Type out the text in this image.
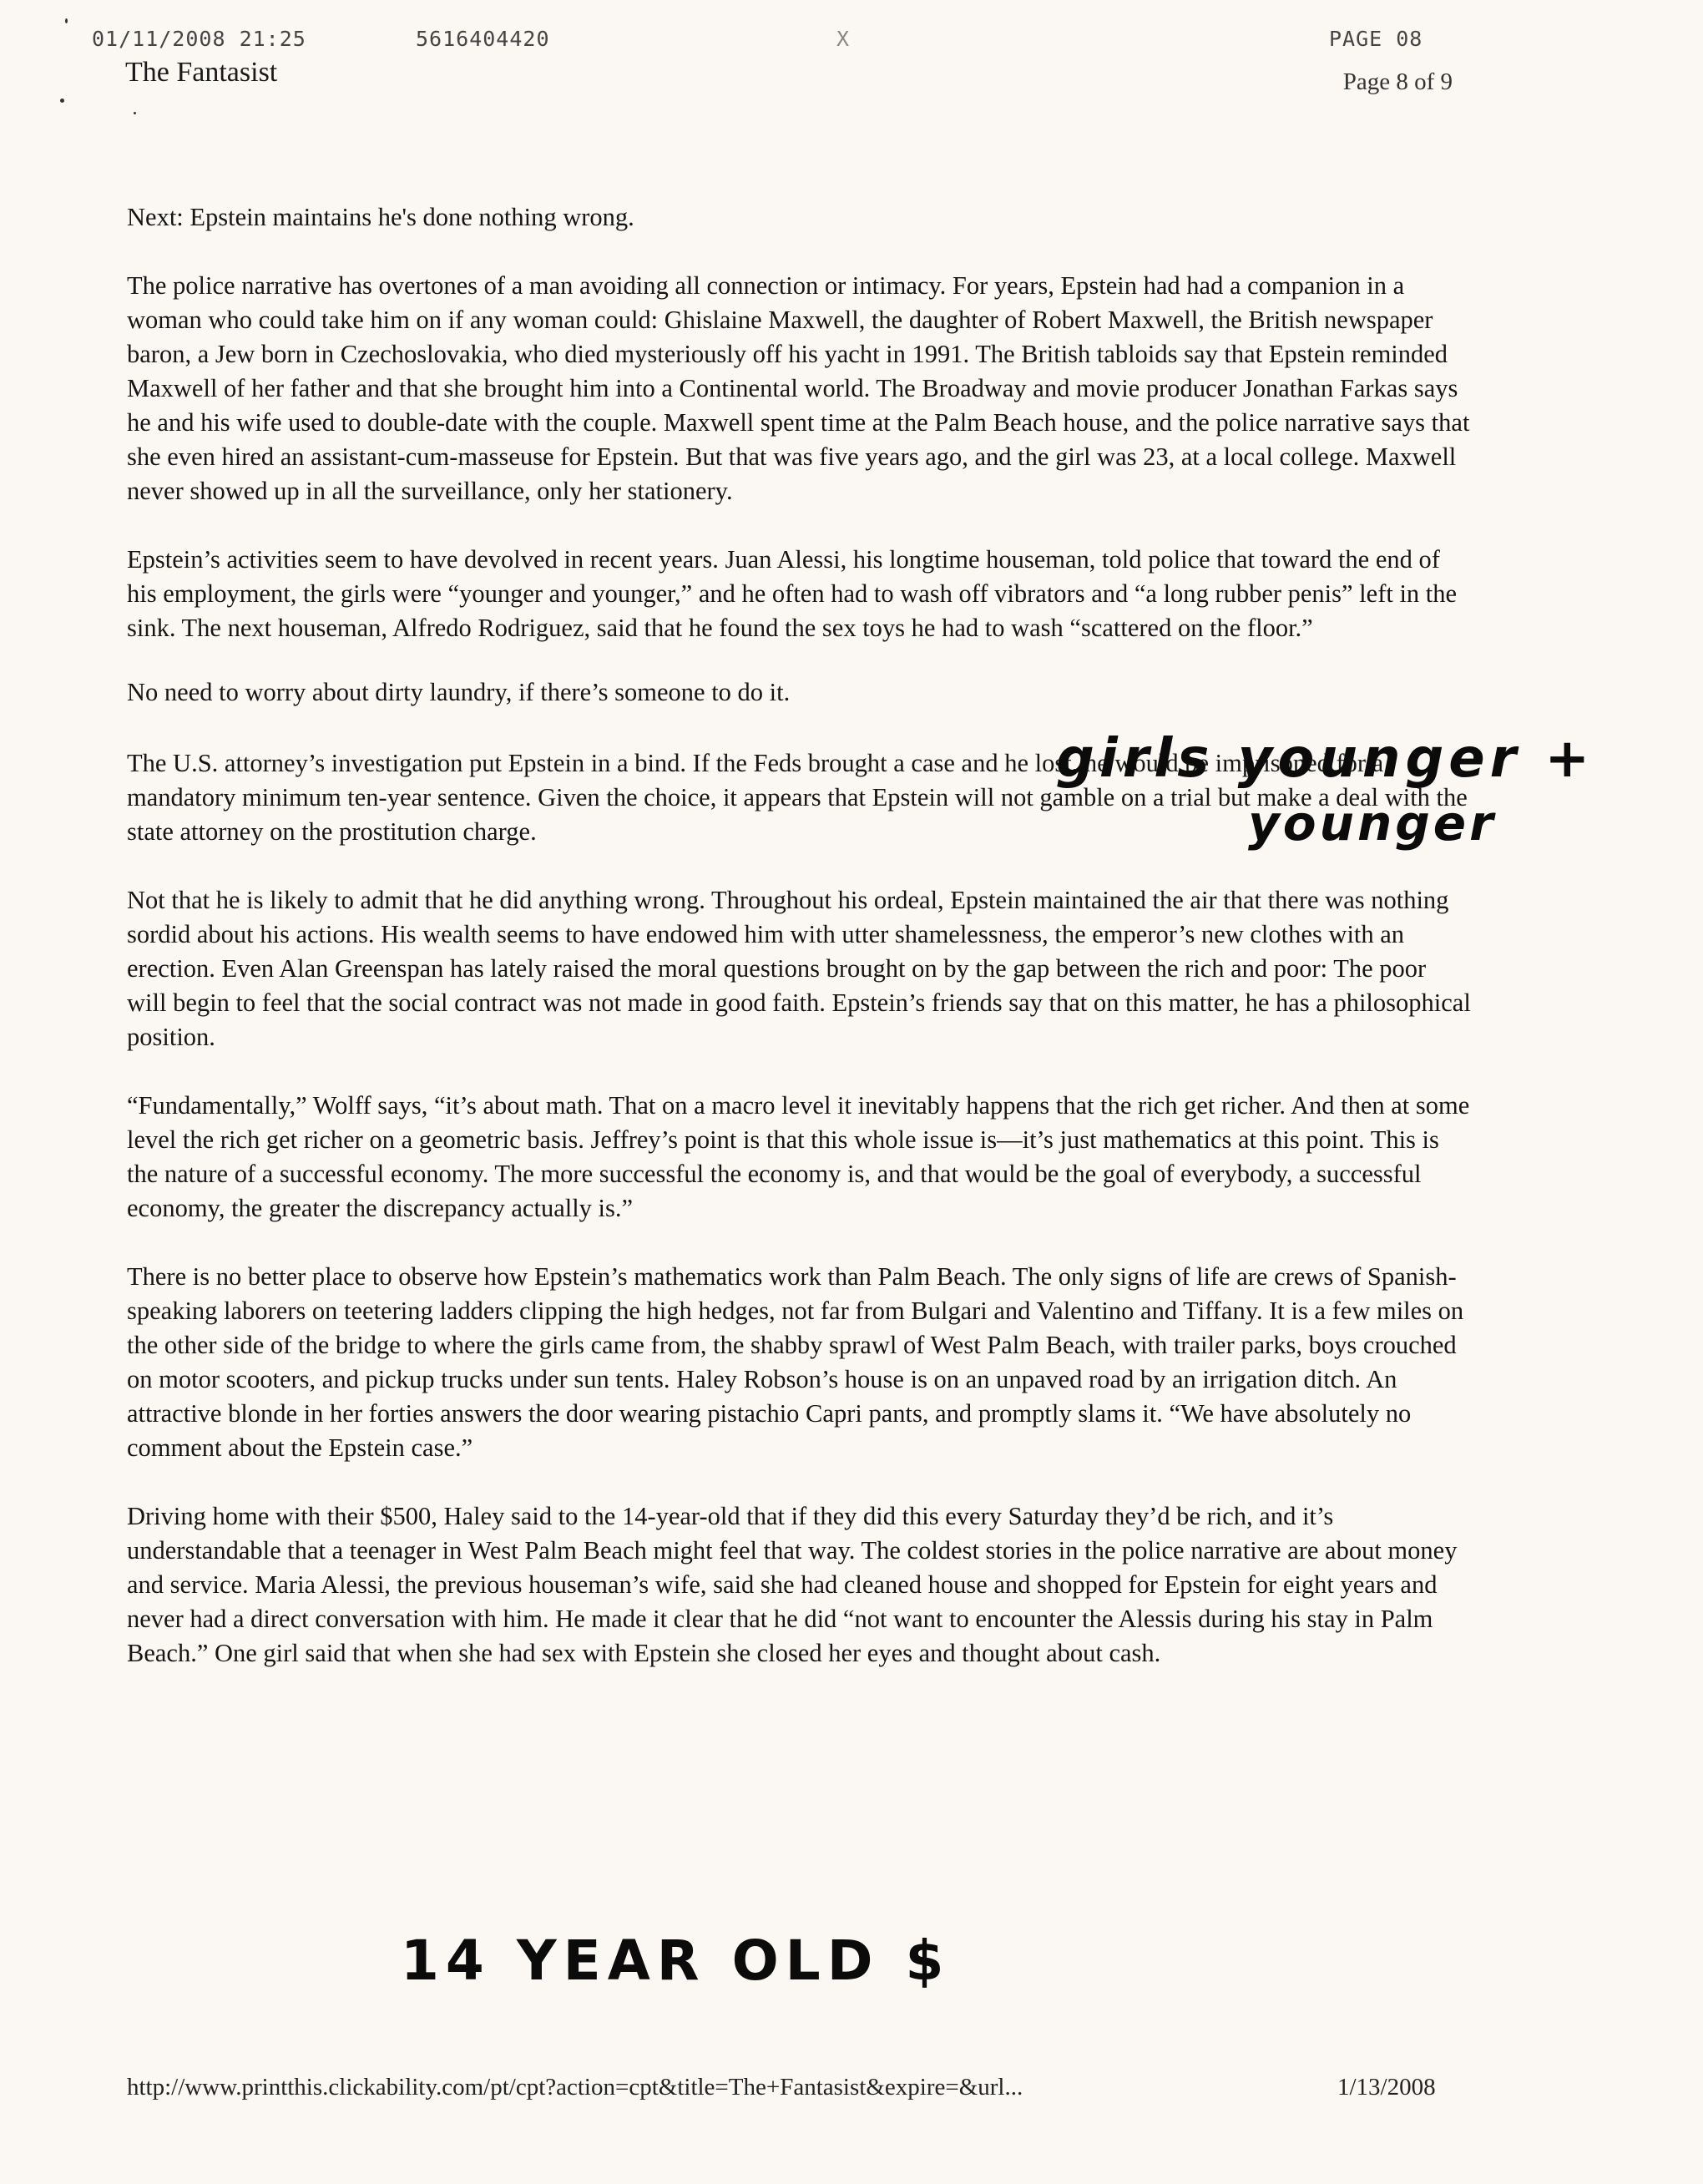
01/11/2008 21:25	5616404420	X	PAGE 08
The Fantasist	Page 8 of 9

Next: Epstein maintains he's done nothing wrong.

The police narrative has overtones of a man avoiding all connection or intimacy. For years, Epstein had had a companion in a woman who could take him on if any woman could: Ghislaine Maxwell, the daughter of Robert Maxwell, the British newspaper baron, a Jew born in Czechoslovakia, who died mysteriously off his yacht in 1991. The British tabloids say that Epstein reminded Maxwell of her father and that she brought him into a Continental world. The Broadway and movie producer Jonathan Farkas says he and his wife used to double-date with the couple. Maxwell spent time at the Palm Beach house, and the police narrative says that she even hired an assistant-cum-masseuse for Epstein. But that was five years ago, and the girl was 23, at a local college. Maxwell never showed up in all the surveillance, only her stationery.

Epstein’s activities seem to have devolved in recent years. Juan Alessi, his longtime houseman, told police that toward the end of his employment, the girls were “younger and younger,” and he often had to wash off vibrators and “a long rubber penis” left in the sink. The next houseman, Alfredo Rodriguez, said that he found the sex toys he had to wash “scattered on the floor.”

No need to worry about dirty laundry, if there’s someone to do it.

The U.S. attorney’s investigation put Epstein in a bind. If the Feds brought a case and he lost, he would be imprisoned for a mandatory minimum ten-year sentence. Given the choice, it appears that Epstein will not gamble on a trial but make a deal with the state attorney on the prostitution charge.

Not that he is likely to admit that he did anything wrong. Throughout his ordeal, Epstein maintained the air that there was nothing sordid about his actions. His wealth seems to have endowed him with utter shamelessness, the emperor’s new clothes with an erection. Even Alan Greenspan has lately raised the moral questions brought on by the gap between the rich and poor: The poor will begin to feel that the social contract was not made in good faith. Epstein’s friends say that on this matter, he has a philosophical position.

“Fundamentally,” Wolff says, “it’s about math. That on a macro level it inevitably happens that the rich get richer. And then at some level the rich get richer on a geometric basis. Jeffrey’s point is that this whole issue is—it’s just mathematics at this point. This is the nature of a successful economy. The more successful the economy is, and that would be the goal of everybody, a successful economy, the greater the discrepancy actually is.”

There is no better place to observe how Epstein’s mathematics work than Palm Beach. The only signs of life are crews of Spanish-speaking laborers on teetering ladders clipping the high hedges, not far from Bulgari and Valentino and Tiffany. It is a few miles on the other side of the bridge to where the girls came from, the shabby sprawl of West Palm Beach, with trailer parks, boys crouched on motor scooters, and pickup trucks under sun tents. Haley Robson’s house is on an unpaved road by an irrigation ditch. An attractive blonde in her forties answers the door wearing pistachio Capri pants, and promptly slams it. “We have absolutely no comment about the Epstein case.”

Driving home with their $500, Haley said to the 14-year-old that if they did this every Saturday they’d be rich, and it’s understandable that a teenager in West Palm Beach might feel that way. The coldest stories in the police narrative are about money and service. Maria Alessi, the previous houseman’s wife, said she had cleaned house and shopped for Epstein for eight years and never had a direct conversation with him. He made it clear that he did “not want to encounter the Alessis during his stay in Palm Beach.” One girl said that when she had sex with Epstein she closed her eyes and thought about cash.

girls younger +
younger
14 YEAR OLD $
http://www.printthis.clickability.com/pt/cpt?action=cpt&title=The+Fantasist&expire=&url...	1/13/2008
